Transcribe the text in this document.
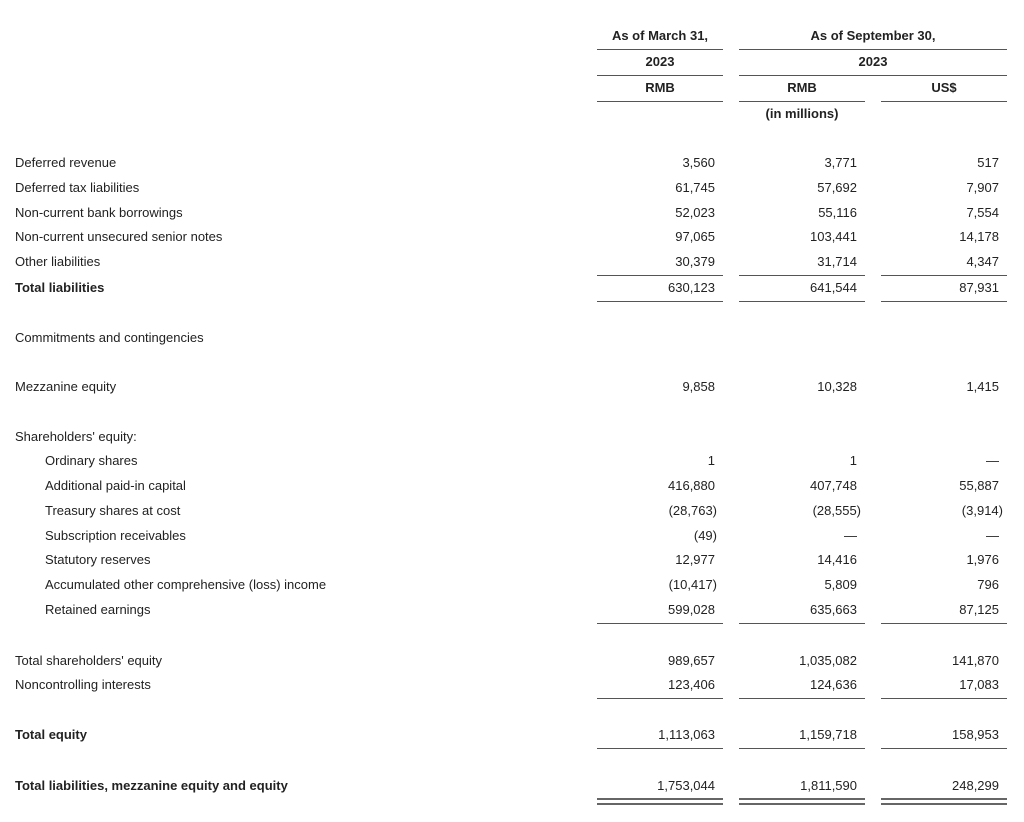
As of March 31,	As of September 30,
2023	2023
RMB	RMB	US$
(in millions)
Deferred revenue	3,560	3,771	517
Deferred tax liabilities	61,745	57,692	7,907
Non-current bank borrowings	52,023	55,116	7,554
Non-current unsecured senior notes	97,065	103,441	14,178
Other liabilities	30,379	31,714	4,347
Total liabilities	630,123	641,544	87,931
Commitments and contingencies
Mezzanine equity	9,858	10,328	1,415
Shareholders' equity:
Ordinary shares	1	1	—
Additional paid-in capital	416,880	407,748	55,887
Treasury shares at cost	(28,763)	(28,555)	(3,914)
Subscription receivables	(49)	—	—
Statutory reserves	12,977	14,416	1,976
Accumulated other comprehensive (loss) income	(10,417)	5,809	796
Retained earnings	599,028	635,663	87,125
Total shareholders' equity	989,657	1,035,082	141,870
Noncontrolling interests	123,406	124,636	17,083
Total equity	1,113,063	1,159,718	158,953
Total liabilities, mezzanine equity and equity	1,753,044	1,811,590	248,299
